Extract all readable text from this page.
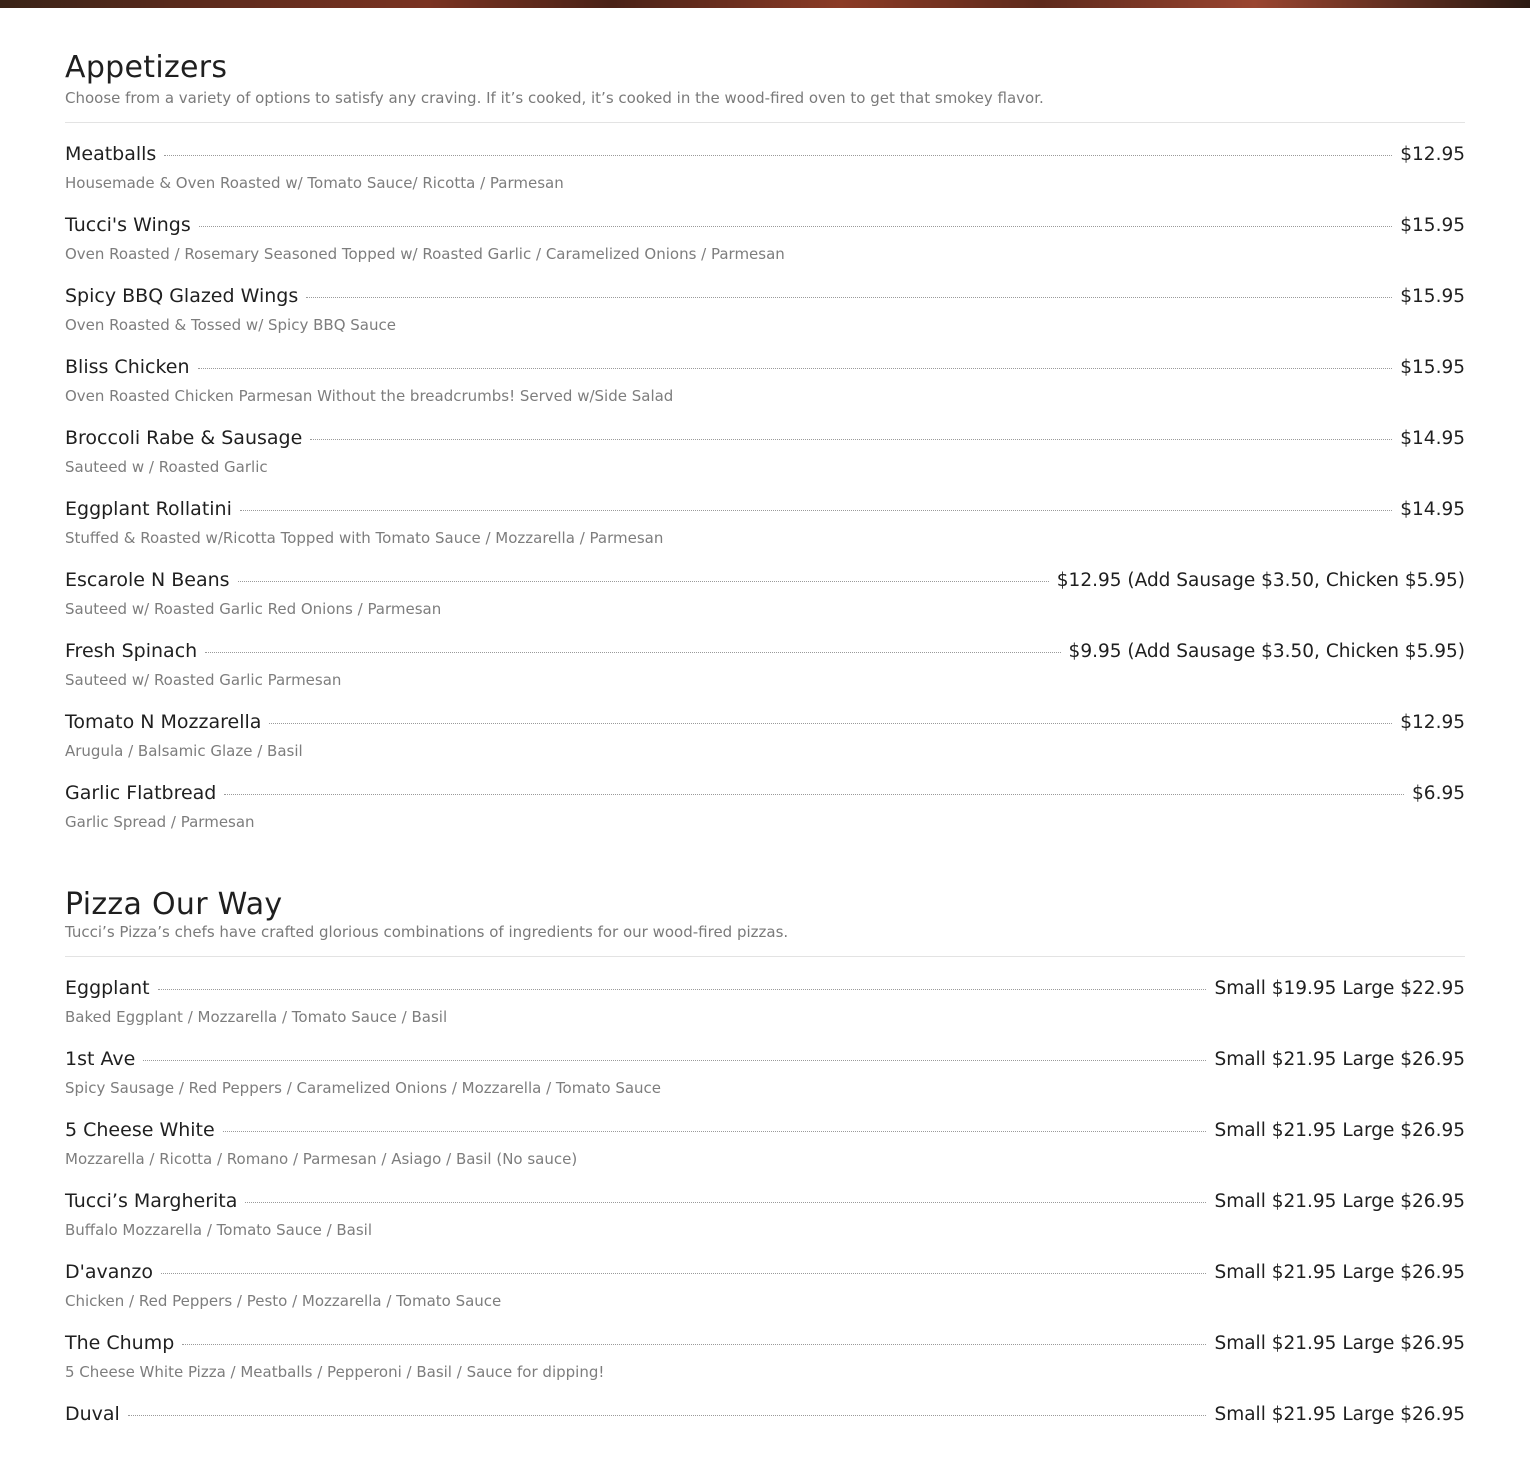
Appetizers

Choose from a variety of options to satisfy any craving. If it’s cooked, it’s cooked in the wood-fired oven to get that smokey flavor.

Meatballs	$12.95
Housemade & Oven Roasted w/ Tomato Sauce/ Ricotta / Parmesan
Tucci's Wings	$15.95
Oven Roasted / Rosemary Seasoned Topped w/ Roasted Garlic / Caramelized Onions / Parmesan
Spicy BBQ Glazed Wings	$15.95
Oven Roasted & Tossed w/ Spicy BBQ Sauce
Bliss Chicken	$15.95
Oven Roasted Chicken Parmesan Without the breadcrumbs! Served w/Side Salad
Broccoli Rabe & Sausage	$14.95
Sauteed w / Roasted Garlic
Eggplant Rollatini	$14.95
Stuffed & Roasted w/Ricotta Topped with Tomato Sauce / Mozzarella / Parmesan
Escarole N Beans	$12.95 (Add Sausage $3.50, Chicken $5.95)
Sauteed w/ Roasted Garlic Red Onions / Parmesan
Fresh Spinach	$9.95 (Add Sausage $3.50, Chicken $5.95)
Sauteed w/ Roasted Garlic Parmesan
Tomato N Mozzarella	$12.95
Arugula / Balsamic Glaze / Basil
Garlic Flatbread	$6.95
Garlic Spread / Parmesan
Pizza Our Way

Tucci’s Pizza’s chefs have crafted glorious combinations of ingredients for our wood-fired pizzas.

Eggplant	Small $19.95 Large $22.95
Baked Eggplant / Mozzarella / Tomato Sauce / Basil
1st Ave	Small $21.95 Large $26.95
Spicy Sausage / Red Peppers / Caramelized Onions / Mozzarella / Tomato Sauce
5 Cheese White	Small $21.95 Large $26.95
Mozzarella / Ricotta / Romano / Parmesan / Asiago / Basil (No sauce)
Tucci’s Margherita	Small $21.95 Large $26.95
Buffalo Mozzarella / Tomato Sauce / Basil
D'avanzo	Small $21.95 Large $26.95
Chicken / Red Peppers / Pesto / Mozzarella / Tomato Sauce
The Chump	Small $21.95 Large $26.95
5 Cheese White Pizza / Meatballs / Pepperoni / Basil / Sauce for dipping!
Duval	Small $21.95 Large $26.95
